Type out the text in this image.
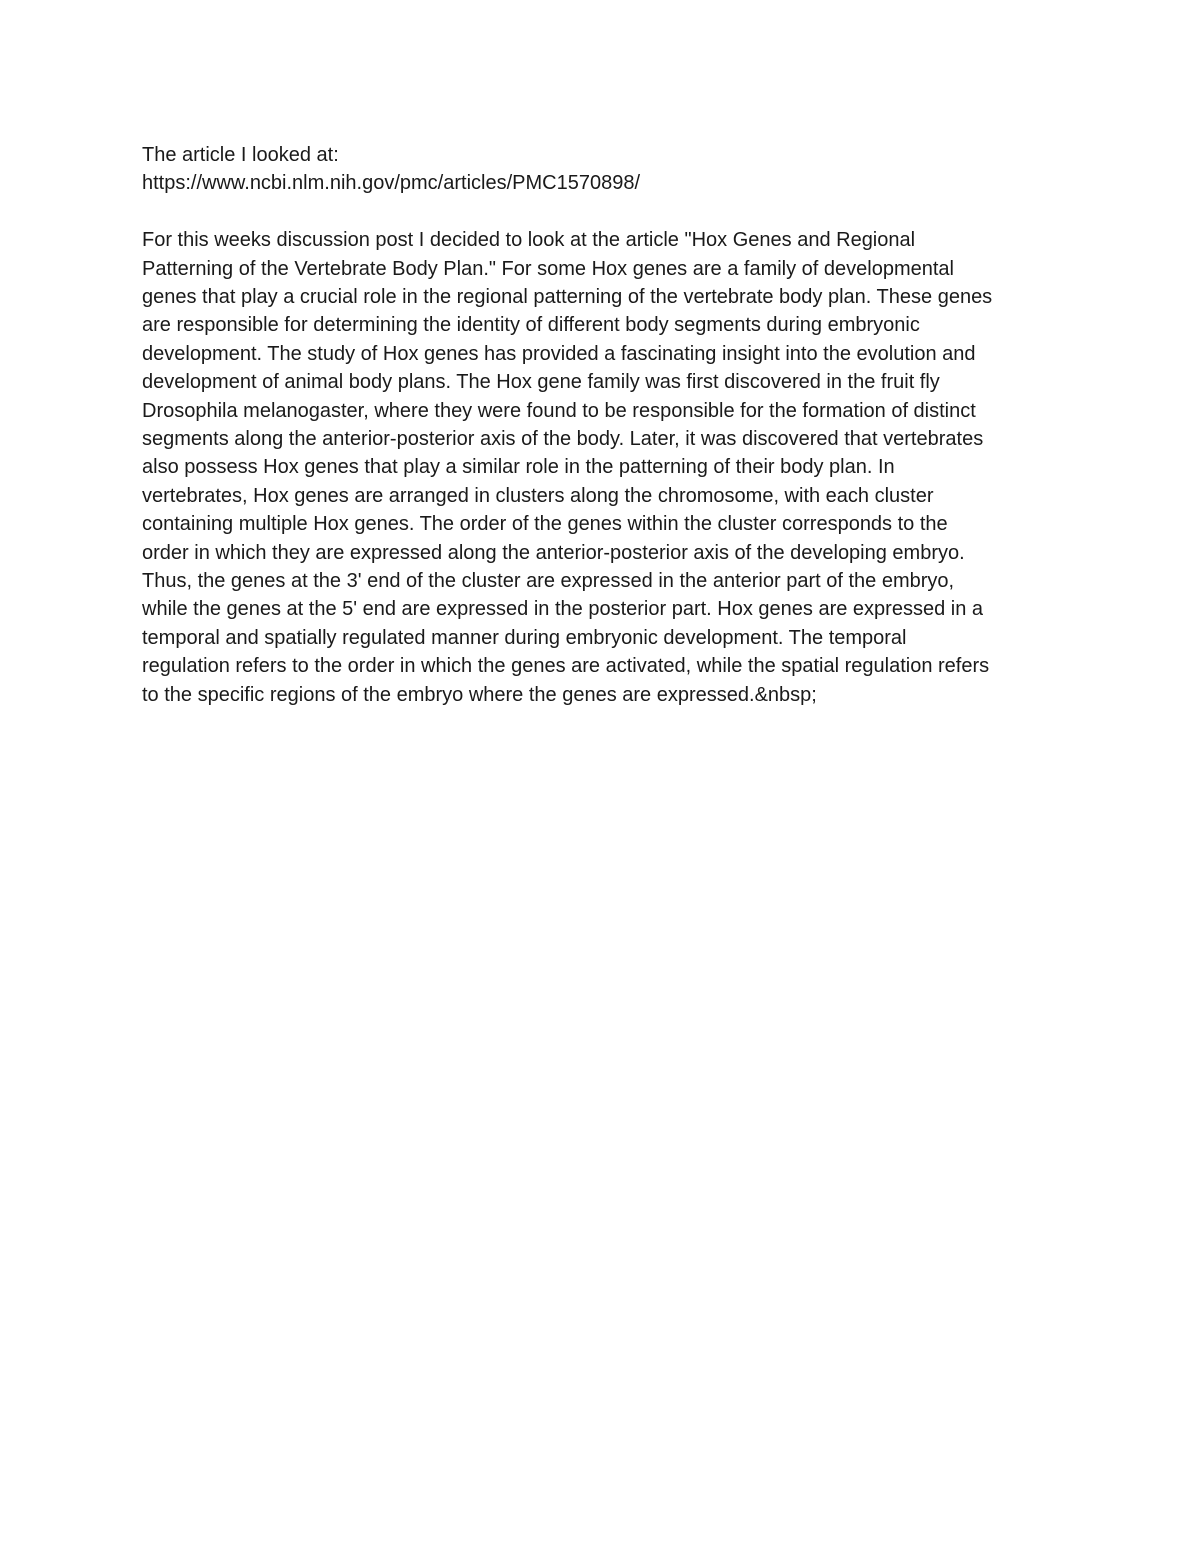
The article I looked at:
https://www.ncbi.nlm.nih.gov/pmc/articles/PMC1570898/
For this weeks discussion post I decided to look at the article "Hox Genes and Regional
Patterning of the Vertebrate Body Plan." For some Hox genes are a family of developmental
genes that play a crucial role in the regional patterning of the vertebrate body plan. These genes
are responsible for determining the identity of different body segments during embryonic
development. The study of Hox genes has provided a fascinating insight into the evolution and
development of animal body plans. The Hox gene family was first discovered in the fruit fly
Drosophila melanogaster, where they were found to be responsible for the formation of distinct
segments along the anterior-posterior axis of the body. Later, it was discovered that vertebrates
also possess Hox genes that play a similar role in the patterning of their body plan. In
vertebrates, Hox genes are arranged in clusters along the chromosome, with each cluster
containing multiple Hox genes. The order of the genes within the cluster corresponds to the
order in which they are expressed along the anterior-posterior axis of the developing embryo.
Thus, the genes at the 3' end of the cluster are expressed in the anterior part of the embryo,
while the genes at the 5' end are expressed in the posterior part. Hox genes are expressed in a
temporal and spatially regulated manner during embryonic development. The temporal
regulation refers to the order in which the genes are activated, while the spatial regulation refers
to the specific regions of the embryo where the genes are expressed.&nbsp;
